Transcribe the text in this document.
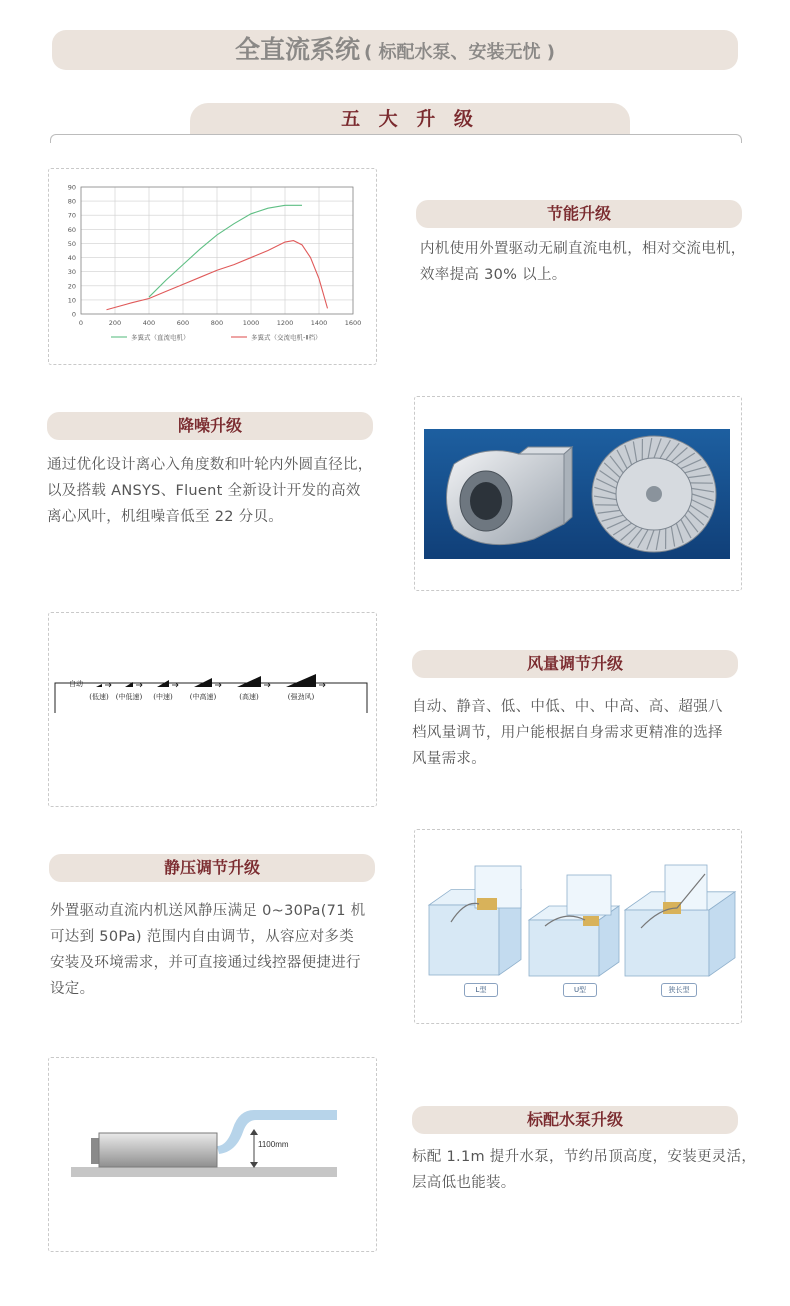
全直流系统 ( 标配水泵、安装无忧 )
五 大 升 级
0
10
20
30
40
50
60
70
80
90
0	200	400	600	800	1000	1200	1400	1600
多翼式（直流电机）	多翼式（交流电机-Ⅱ档）
节能升级
内机使用外置驱动无刷直流电机，相对交流电机，
效率提高 30% 以上。
降噪升级
通过优化设计离心入角度数和叶轮内外圆直径比，
以及搭载 ANSYS、Fluent 全新设计开发的高效
离心风叶，机组噪音低至 22 分贝。
自动
(低速) (中低速) (中速) (中高速)	(高速)	(强劲风)
风量调节升级
自动、静音、低、中低、中、中高、高、超强八
档风量调节，用户能根据自身需求更精准的选择
风量需求。
静压调节升级
外置驱动直流内机送风静压满足 0~30Pa(71 机
可达到 50Pa) 范围内自由调节，从容应对多类
安装及环境需求，并可直接通过线控器便捷进行
设定。	L型	U型	狭长型
1100mm
标配水泵升级
标配 1.1m 提升水泵，节约吊顶高度，安装更灵活，
层高低也能装。
